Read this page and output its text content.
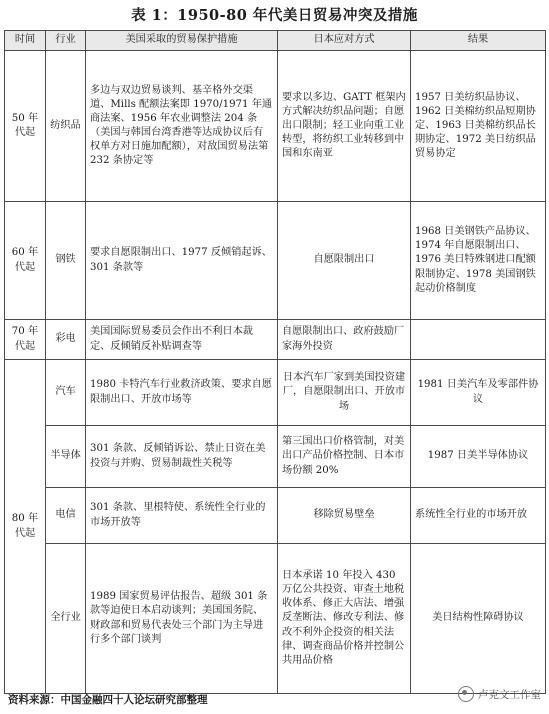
表 1：1950-80 年代美日贸易冲突及措施
时间	行业	美国采取的贸易保护措施	日本应对方式	结果
50 年代起	纺织品	多边与双边贸易谈判、基辛格外交渠道、Mills 配额法案即 1970/1971 年通商法案、1956 年农业调整法 204 条（美国与韩国台湾香港等达成协议后有权单方对日施加配额），对敌国贸易法第 232 条协定等	要求以多边、GATT 框架内方式解决纺织品问题；自愿出口限制；轻工业向重工业转型，将纺织工业转移到中国和东南亚	1957 日美纺织品协议、1962 日美棉纺织品短期协定、1963 日美棉纺织品长期协定、1972 美日纺织品贸易协定
60 年代起	钢铁	要求自愿限制出口、1977 反倾销起诉、301 条款等	自愿限制出口	1968 日美钢铁产品协议、1974 年自愿限制出口、1976 美日特殊钢进口配额限制协定、1978 美国钢铁起动价格制度
70 年代起	彩电	美国国际贸易委员会作出不利日本裁定、反倾销反补贴调查等	自愿限制出口、政府鼓励厂家海外投资	
80 年代起	汽车	1980 卡特汽车行业救济政策、要求自愿限制出口、开放市场等	日本汽车厂家到美国投资建厂，自愿限制出口、开放市场	1981 日美汽车及零部件协议
	半导体	301 条款、反倾销诉讼、禁止日资在美投资与并购、贸易制裁性关税等	第三国出口价格管制，对美出口产品价格控制、日本市场份额 20%	1987 日美半导体协议
	电信	301 条款、里根特使、系统性全行业的市场开放等	移除贸易壁垒	系统性全行业的市场开放
	全行业	1989 国家贸易评估报告、超级 301 条款等迫使日本启动谈判；美国国务院、财政部和贸易代表处三个部门为主导进行多个部门谈判	日本承诺 10 年投入 430 万亿公共投资、审查土地税收体系、修正大店法、增强反垄断法、修改专利法、修改不利外企投资的相关法律、调查商品价格并控制公共用品价格	美日结构性障碍协议
资料来源：中国金融四十人论坛研究部整理	卢克文工作室
